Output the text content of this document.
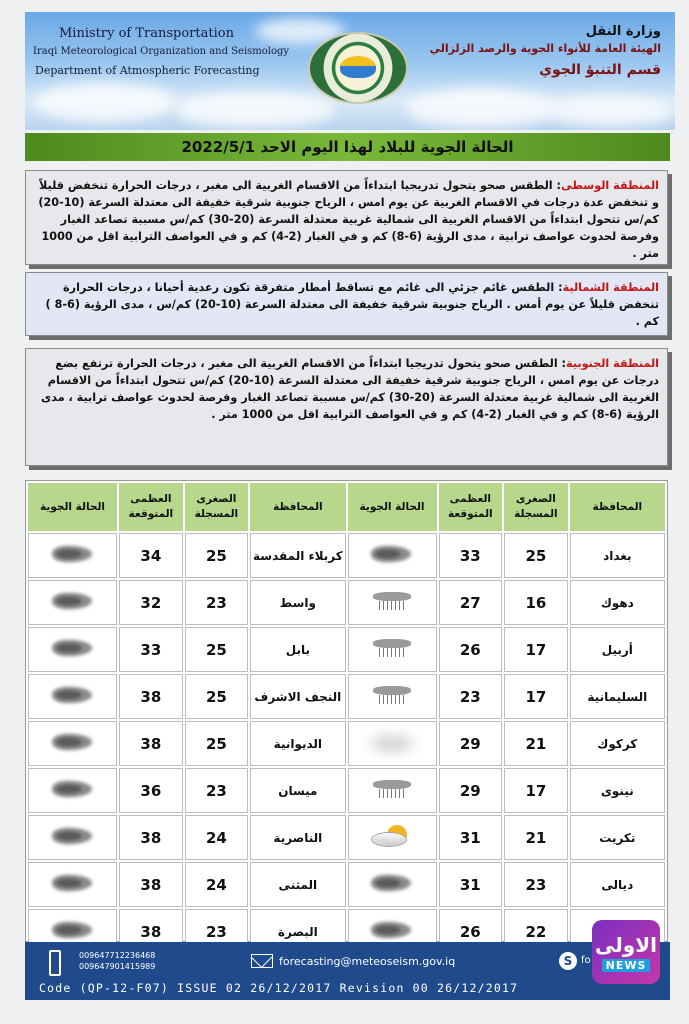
Ministry of Transportation
Iraqi Meteorological Organization and Seismology
Department of Atmospheric Forecasting
وزارة النقل
الهيئة العامة للأنواء الجوية والرصد الزلزالي
قسم التنبؤ الجوي
الحالة الجوية للبلاد لهذا اليوم الاحد 2022/5/1

المنطقة الوسطى: الطقس صحو يتحول تدريجيا ابتداءاً من الاقسام الغربية الى مغبر ، درجات الحرارة تنخفض قليلاً و تنخفض عدة درجات في الاقسام الغربية عن يوم امس ، الرياح جنوبية شرقية خفيفة الى معتدلة السرعة (10-20) كم/س تتحول ابتداءاً من الاقسام الغربية الى شمالية غربية معتدلة السرعة (20-30) كم/س مسببة تصاعد الغبار وفرصة لحدوث عواصف ترابية ، مدى الرؤية (6-8) كم و في الغبار (2-4) كم و في العواصف الترابية اقل من 1000 متر .

المنطقة الشمالية: الطقس غائم جزئي الى غائم مع تساقط أمطار متفرقة تكون رعدية أحيانا ، درجات الحرارة تنخفض قليلاً عن يوم أمس . الرياح جنوبية شرقية خفيفة الى معتدلة السرعة (10-20) كم/س ، مدى الرؤية (6-8 ) كم .

المنطقة الجنوبية: الطقس صحو يتحول تدريجيا ابتداءاً من الاقسام الغربية الى مغبر ، درجات الحرارة ترتفع بضع درجات عن يوم امس ، الرياح جنوبية شرقية خفيفة الى معتدلة السرعة (10-20) كم/س تتحول ابتداءاً من الاقسام الغربية الى شمالية غربية معتدلة السرعة (20-30) كم/س مسببة تصاعد الغبار وفرصة لحدوث عواصف ترابية ، مدى الرؤية (6-8) كم و في الغبار (2-4) كم و في العواصف الترابية اقل من 1000 متر .

المحافظة	الصغرى المسجلة	العظمى المتوقعة	الحالة الجوية	المحافظة	الصغرى المسجلة	العظمى المتوقعة	الحالة الجوية
بغداد	25	33		كربلاء المقدسة	25	34	
دهوك	16	27		واسط	23	32	
أربيل	17	26		بابل	25	33	
السليمانية	17	23		النجف الاشرف	25	38	
كركوك	21	29		الديوانية	25	38	
نينوى	17	29		ميسان	23	36	
تكريت	21	31		الناصرية	24	38	
ديالى	23	31		المثنى	24	38	
	22	26		البصرة	23	38	
009647712236468
009647901415989	forecasting@meteoseism.gov.iq	S fo
Code (QP-12-F07) ISSUE 02 26/12/2017 Revision 00 26/12/2017
الاولى
NEWS
